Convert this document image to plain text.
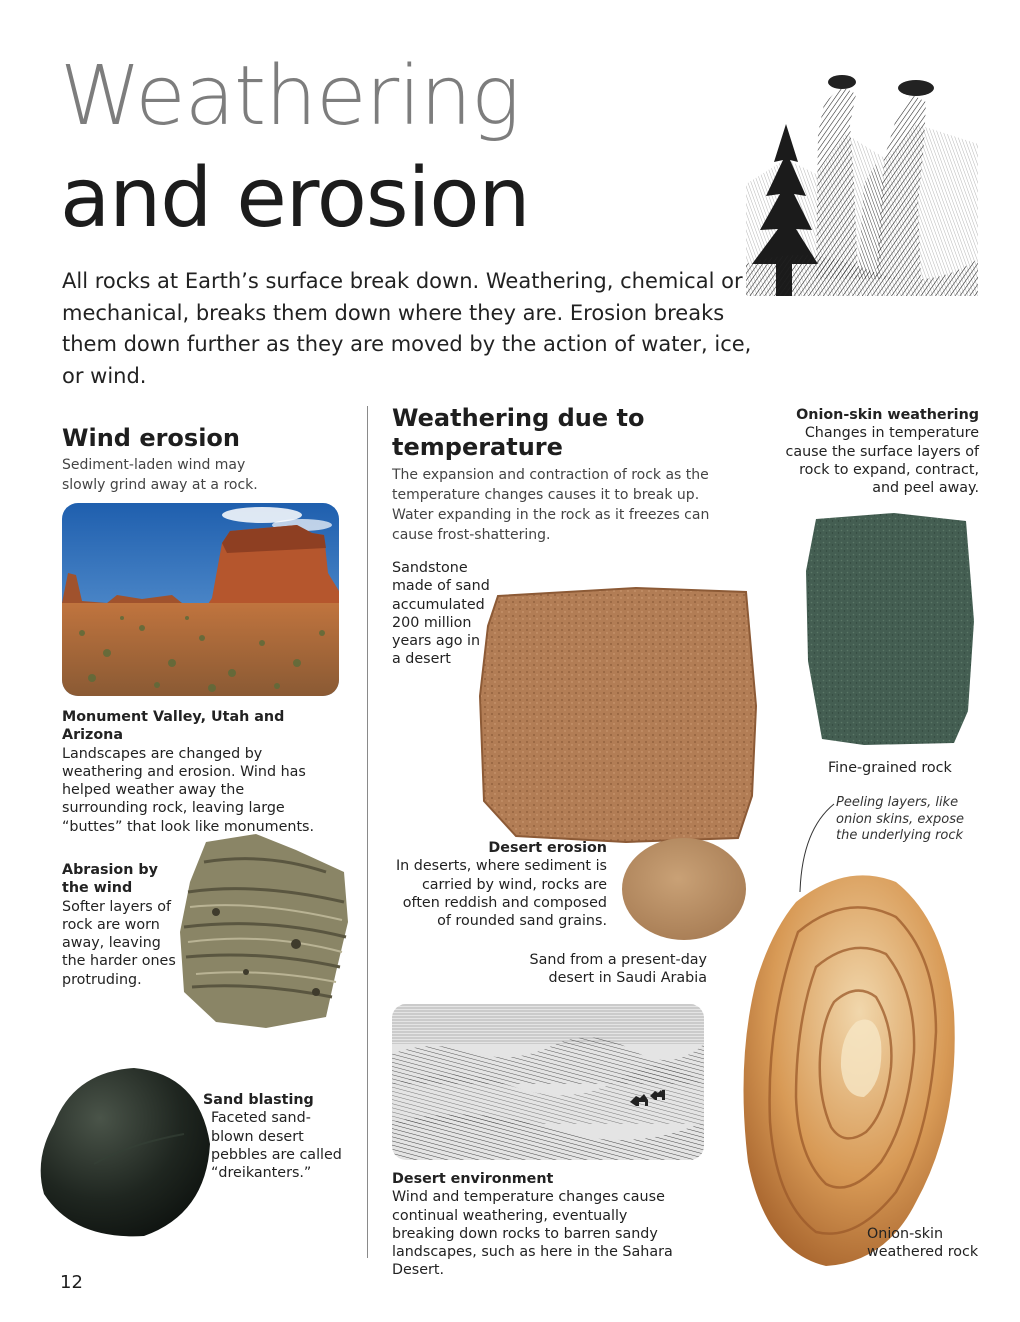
Weathering
and erosion
All rocks at Earth’s surface break down. Weathering, chemical or mechanical, breaks them down where they are. Erosion breaks them down further as they are moved by the action of water, ice, or wind.
Wind erosion
Sediment-laden wind may slowly grind away at a rock.
Monument Valley, Utah and Arizona
Landscapes are changed by weathering and erosion. Wind has helped weather away the surrounding rock, leaving large “buttes” that look like monuments.
Abrasion by the wind
Softer layers of rock are worn away, leaving the harder ones protruding.
Sand blasting
Faceted sand-blown desert pebbles are called “dreikanters.”
12
Weathering due to temperature
The expansion and contraction of rock as the temperature changes causes it to break up. Water expanding in the rock as it freezes can cause frost-shattering.
Sandstone made of sand accumulated 200 million years ago in a desert
Desert erosion
In deserts, where sediment is carried by wind, rocks are often reddish and composed of rounded sand grains.
Sand from a present-day desert in Saudi Arabia
Desert environment
Wind and temperature changes cause continual weathering, eventually breaking down rocks to barren sandy landscapes, such as here in the Sahara Desert.
Onion-skin weathering
Changes in temperature cause the surface layers of rock to expand, contract, and peel away.
Fine-grained rock
Peeling layers, like onion skins, expose the underlying rock
Onion-skin weathered rock
